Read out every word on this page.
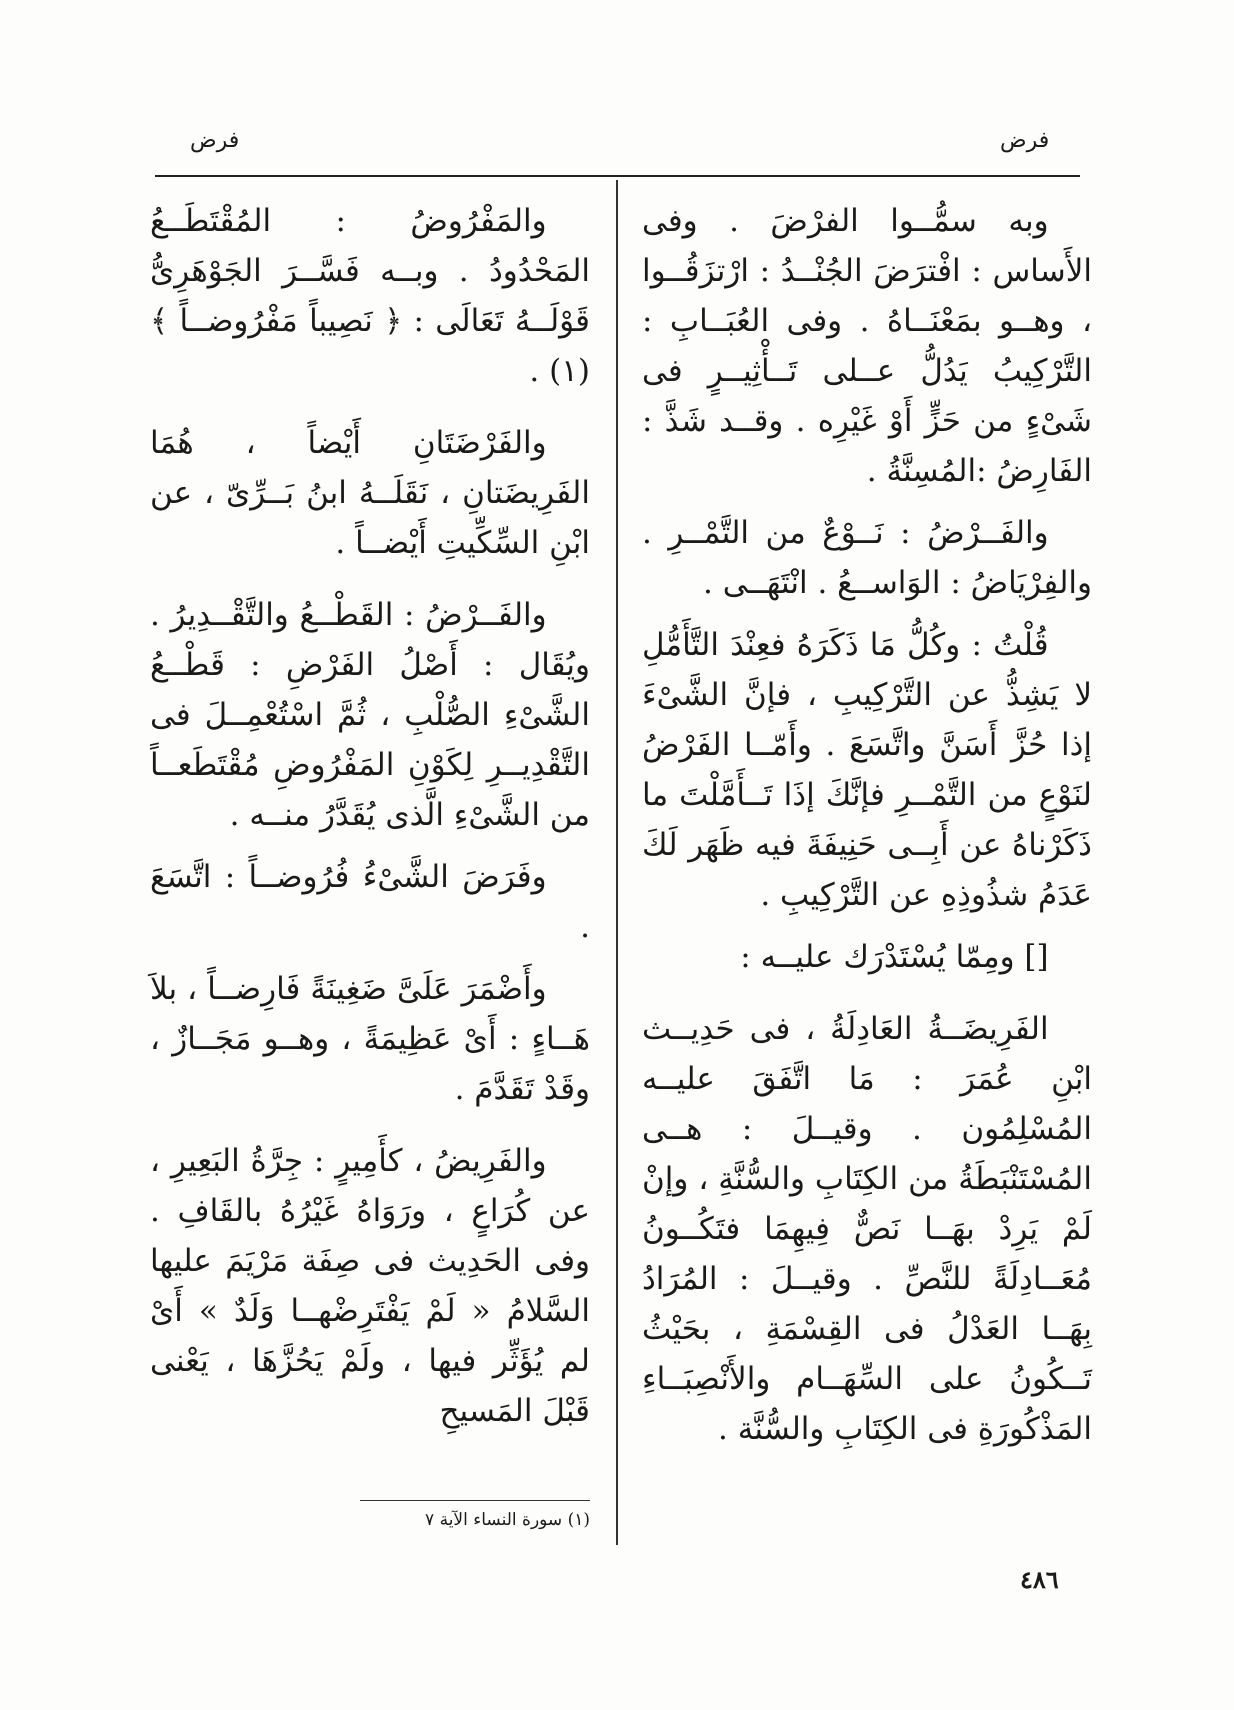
فرض
فرض

وبه سمُّــوا الفرْضَ . وفى الأَساس : افْترَضَ الجُنْــدُ : ارْتزَقُــوا ، وهــو بمَعْنَــاهُ . وفى العُبَــابِ : التَّرْكِيبُ يَدُلُّ عــلى تَــأْثِيــرٍ فى شَىْءٍ من حَزٍّ أَوْ غَيْرِه . وقــد شَذَّ : الفَارِضُ :المُسِنَّةُ .

والفَــرْضُ : نَــوْعٌ من التَّمْــرِ . والفِرْيَاضُ : الوَاســعُ . انْتَهَــى .

قُلْتُ : وكُلُّ مَا ذَكَرَهُ فعِنْدَ التَّأَمُّلِ لا يَشِذُّ عن التَّرْكِيبِ ، فإنَّ الشَّىْءَ إذا حُزَّ أَسَنَّ واتَّسَعَ . وأَمّــا الفَرْضُ لنَوْعٍ من التَّمْــرِ فإنَّكَ إذَا تَــأَمَّلْتَ ما ذَكَرْناهُ عن أَبِــى حَنِيفَةَ فيه ظَهَر لَكَ عَدَمُ شذُوذِهِ عن التَّرْكِيبِ .

[] ومِمّا يُسْتَدْرَك عليــه :

الفَرِيضَــةُ العَادِلَةُ ، فى حَدِيــث ابْنِ عُمَرَ : مَا اتَّفَقَ عليــه المُسْلِمُون . وقيــلَ : هــى المُسْتَنْبَطَةُ من الكِتَابِ والسُّنَّةِ ، وإنْ لَمْ يَرِدْ بهَــا نَصٌّ فِيهِمَا فتَكُــونُ مُعَــادِلَةً للنَّصِّ . وقيــلَ : المُرَادُ بِهَــا العَدْلُ فى القِسْمَةِ ، بحَيْثُ تَــكُونُ على السِّهَــام والأَنْصِبَــاءِ المَذْكُورَةِ فى الكِتَابِ والسُّنَّة .

والمَفْرُوضُ : المُقْتَطَــعُ المَحْدُودُ . وبــه فَسَّــرَ الجَوْهَرِىُّ قَوْلَــهُ تَعَالَى : ﴿ نَصِيباً مَفْرُوضــاً ﴾ (١) .

والفَرْضَتَانِ أَيْضاً ، هُمَا الفَرِيضَتانِ ، نَقَلَــهُ ابنُ بَــرِّىّ ، عن ابْنِ السِّكِّيتِ أَيْضــاً .

والفَــرْضُ : القَطْــعُ والتَّقْــدِيرُ . ويُقَال : أَصْلُ الفَرْضِ : قَطْــعُ الشَّىْءِ الصُّلْبِ ، ثُمَّ اسْتُعْمِــلَ فى التَّقْدِيــرِ لِكَوْنِ المَفْرُوضِ مُقْتَطَعــاً من الشَّىْءِ الَّذى يُقَدَّرُ منــه .

وفَرَضَ الشَّىْءُ فُرُوضــاً : اتَّسَعَ .

وأَضْمَرَ عَلَىَّ ضَغِينَةً فَارِضــاً ، بلاَ هَــاءٍ : أَىْ عَظِيمَةً ، وهــو مَجَــازٌ ، وقَدْ تَقَدَّمَ .

والفَرِيضُ ، كأَمِيرٍ : جِرَّةُ البَعِيرِ ، عن كُرَاعٍ ، ورَوَاهُ غَيْرُهُ بالقَافِ . وفى الحَدِيث فى صِفَة مَرْيَمَ عليها السَّلامُ « لَمْ يَفْتَرِضْهــا وَلَدٌ » أَىْ لم يُؤَثِّر فيها ، ولَمْ يَحُزَّهَا ، يَعْنى قَبْلَ المَسيحِ

(١) سورة النساء الآية ٧
٤٨٦
